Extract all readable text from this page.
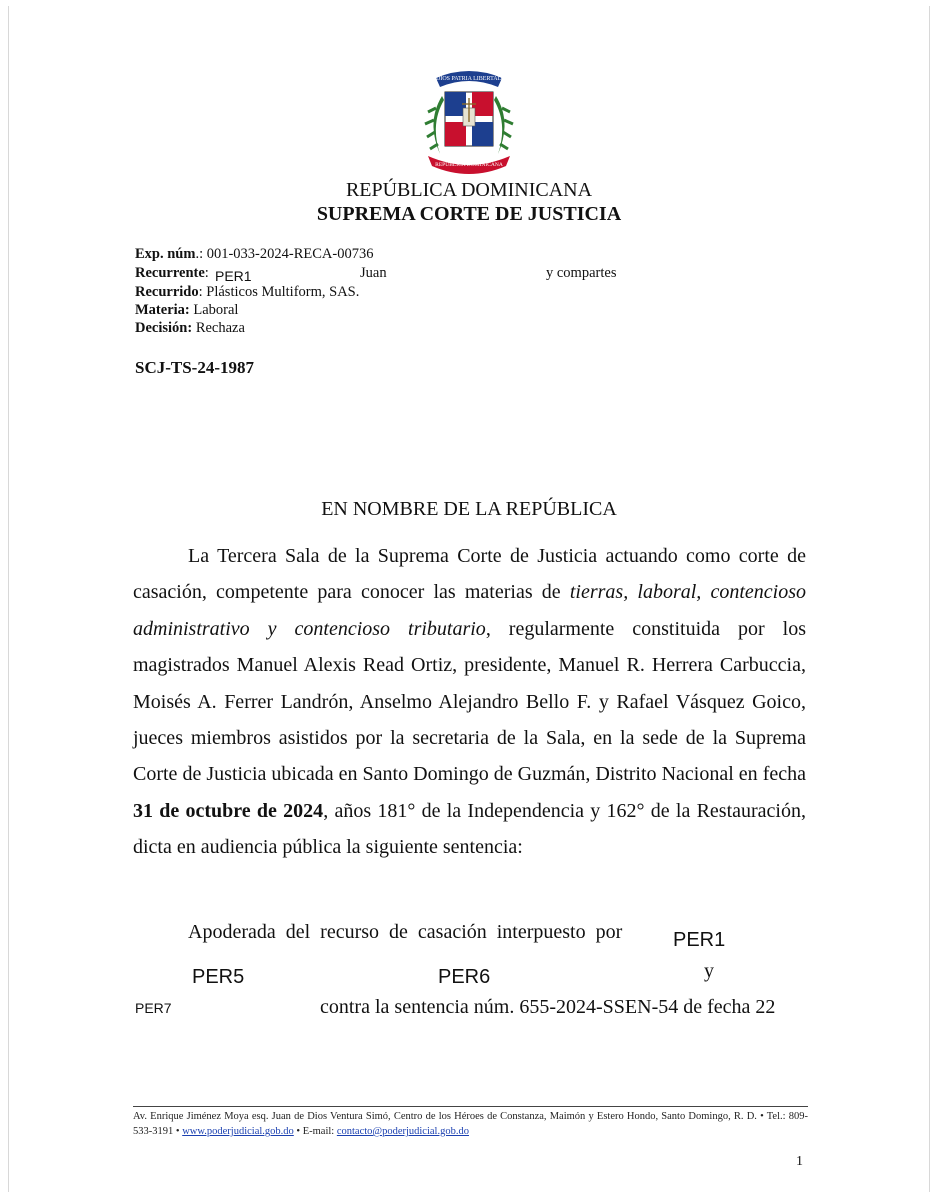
DIOS PATRIA LIBERTAD
REPÚBLICA DOMINICANA
REPÚBLICA DOMINICANA
SUPREMA CORTE DE JUSTICIA
Exp. núm.: 001-033-2024-RECA-00736
Recurrente: PER1	Juan	y compartes
Recurrido: Plásticos Multiform, SAS.
Materia: Laboral
Decisión: Rechaza
SCJ-TS-24-1987
EN NOMBRE DE LA REPÚBLICA
La Tercera Sala de la Suprema Corte de Justicia actuando como corte de casación, competente para conocer las materias de tierras, laboral, contencioso administrativo y contencioso tributario, regularmente constituida por los magistrados Manuel Alexis Read Ortiz, presidente, Manuel R. Herrera Carbuccia, Moisés A. Ferrer Landrón, Anselmo Alejandro Bello F. y Rafael Vásquez Goico, jueces miembros asistidos por la secretaria de la Sala, en la sede de la Suprema Corte de Justicia ubicada en Santo Domingo de Guzmán, Distrito Nacional en fecha 31 de octubre de 2024, años 181° de la Independencia y 162° de la Restauración, dicta en audiencia pública la siguiente sentencia:
Apoderada del recurso de casación interpuesto por	PER1
PER5	PER6	y
PER7	contra la sentencia núm. 655-2024-SSEN-54 de fecha 22
Av. Enrique Jiménez Moya esq. Juan de Dios Ventura Simó, Centro de los Héroes de Constanza, Maimón y Estero Hondo, Santo Domingo, R. D. • Tel.: 809-533-3191 • www.poderjudicial.gob.do • E-mail: contacto@poderjudicial.gob.do
1
